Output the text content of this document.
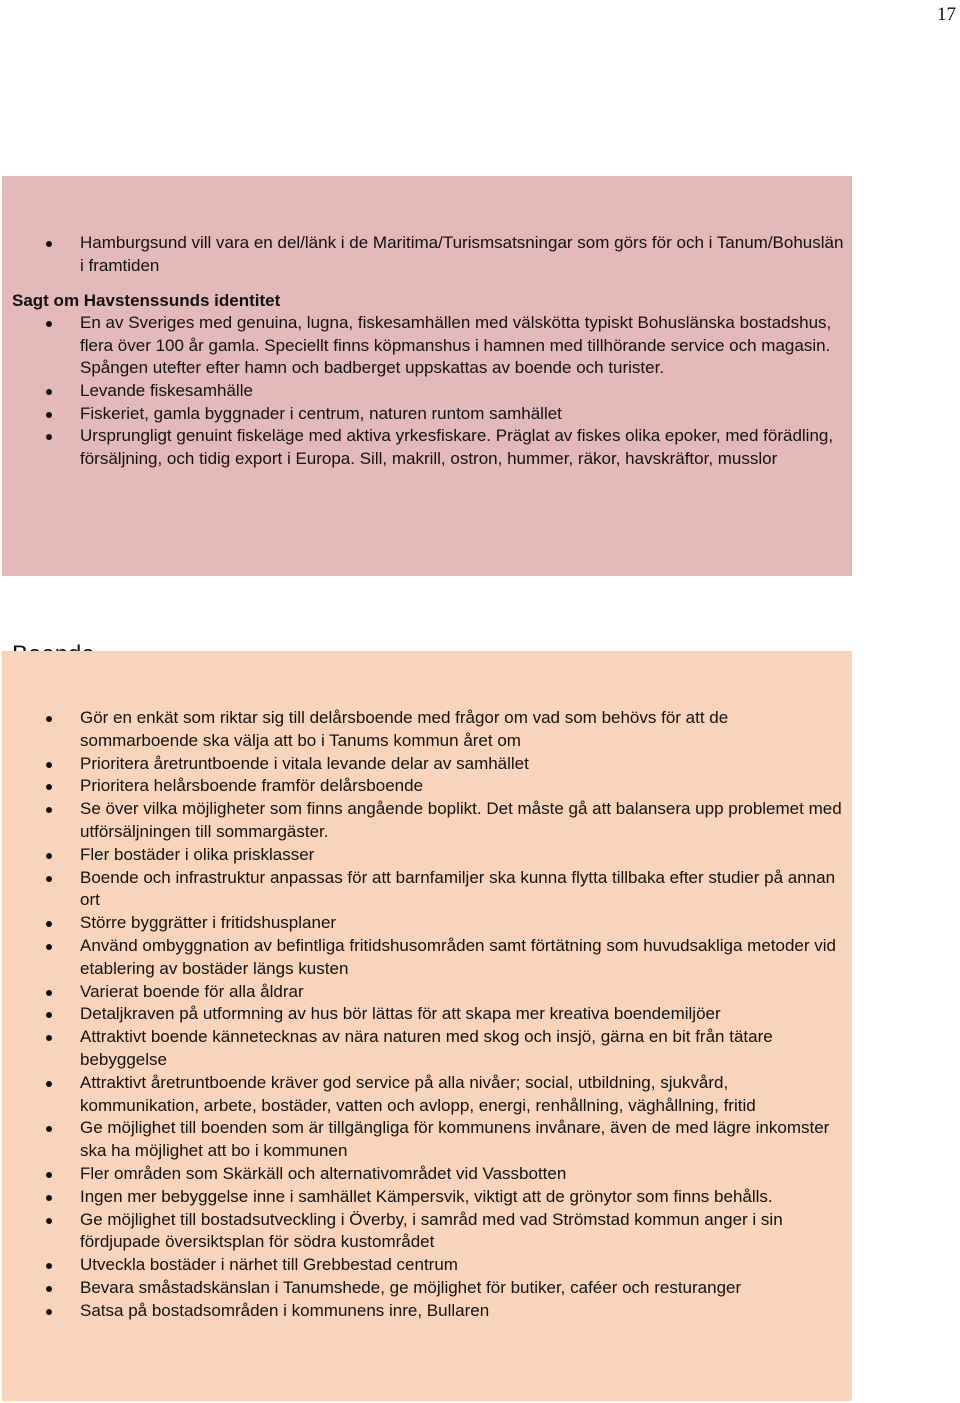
17
Hamburgsund vill vara en del/länk i de Maritima/Turismsatsningar som görs för och i Tanum/Bohuslän i framtiden
Sagt om Havstenssunds identitet
En av Sveriges med genuina, lugna, fiskesamhällen med välskötta typiskt Bohuslänska bostadshus, flera över 100 år gamla. Speciellt finns köpmanshus i hamnen med tillhörande service och magasin. Spången utefter efter hamn och badberget uppskattas av boende och turister.
Levande fiskesamhälle
Fiskeriet, gamla byggnader i centrum, naturen runtom samhället
Ursprungligt genuint fiskeläge med aktiva yrkesfiskare. Präglat av fiskes olika epoker, med förädling, försäljning, och tidig export i Europa. Sill, makrill, ostron, hummer, räkor, havskräftor, musslor
Gör en enkät som riktar sig till delårsboende med frågor om vad som behövs för att de sommarboende ska välja att bo i Tanums kommun året om
Prioritera åretruntboende i vitala levande delar av samhället
Prioritera helårsboende framför delårsboende
Se över vilka möjligheter som finns angående boplikt. Det måste gå att balansera upp problemet med utförsäljningen till sommargäster.
Fler bostäder i olika prisklasser
Boende och infrastruktur anpassas för att barnfamiljer ska kunna flytta tillbaka efter studier på annan ort
Större byggrätter i fritidshusplaner
Använd ombyggnation av befintliga fritidshusområden samt förtätning som huvudsakliga metoder vid etablering av bostäder längs kusten
Varierat boende för alla åldrar
Detaljkraven på utformning av hus bör lättas för att skapa mer kreativa boendemiljöer
Attraktivt boende kännetecknas av nära naturen med skog och insjö, gärna en bit från tätare bebyggelse
Attraktivt åretruntboende kräver god service på alla nivåer; social, utbildning, sjukvård, kommunikation, arbete, bostäder, vatten och avlopp, energi, renhållning, väghållning, fritid
Ge möjlighet till boenden som är tillgängliga för kommunens invånare, även de med lägre inkomster ska ha möjlighet att bo i kommunen
Fler områden som Skärkäll och alternativområdet vid Vassbotten
Ingen mer bebyggelse inne i samhället Kämpersvik, viktigt att de grönytor som finns behålls.
Ge möjlighet till bostadsutveckling i Överby, i samråd med vad Strömstad kommun anger i sin fördjupade översiktsplan för södra kustområdet
Utveckla bostäder i närhet till Grebbestad centrum
Bevara småstadskänslan i Tanumshede, ge möjlighet för butiker, caféer och resturanger
Satsa på bostadsområden i kommunens inre, Bullaren
